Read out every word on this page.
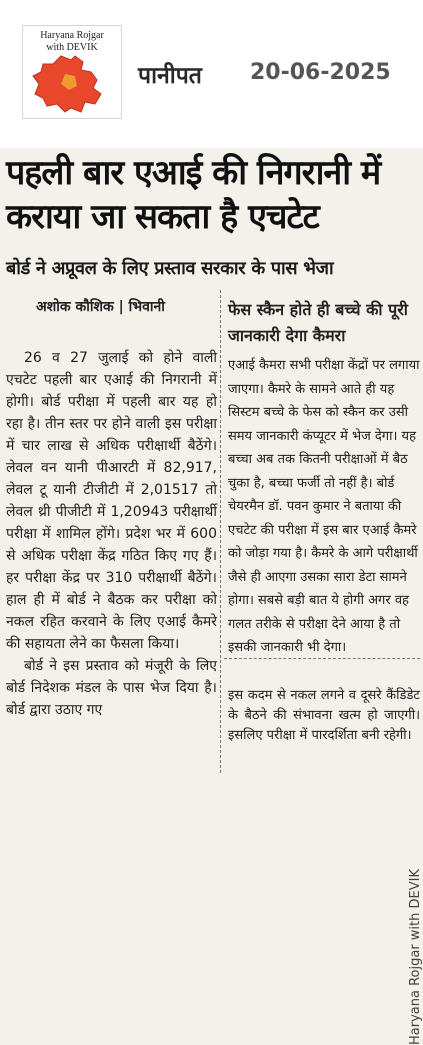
Haryana Rojgar
with DEVIK
पानीपत 20-06-2025
पहली बार एआई की निगरानी में कराया जा सकता है एचटेट
बोर्ड ने अप्रूवल के लिए प्रस्ताव सरकार के पास भेजा
अशोक कौशिक | भिवानी

26 व 27 जुलाई को होने वाली एचटेट पहली बार एआई की निगरानी में होगी। बोर्ड परीक्षा में पहली बार यह हो रहा है। तीन स्तर पर होने वाली इस परीक्षा में चार लाख से अधिक परीक्षार्थी बैठेंगे। लेवल वन यानी पीआरटी में 82,917, लेवल टू यानी टीजीटी में 2,01517 तो लेवल थ्री पीजीटी में 1,20943 परीक्षार्थी परीक्षा में शामिल होंगे। प्रदेश भर में 600 से अधिक परीक्षा केंद्र गठित किए गए हैं। हर परीक्षा केंद्र पर 310 परीक्षार्थी बैठेंगे। हाल ही में बोर्ड ने बैठक कर परीक्षा को नकल रहित करवाने के लिए एआई कैमरे की सहायता लेने का फैसला किया।

बोर्ड ने इस प्रस्ताव को मंजूरी के लिए बोर्ड निदेशक मंडल के पास भेज दिया है। बोर्ड द्वारा उठाए गए

फेस स्कैन होते ही बच्चे की पूरी जानकारी देगा कैमरा

एआई कैमरा सभी परीक्षा केंद्रों पर लगाया जाएगा। कैमरे के सामने आते ही यह सिस्टम बच्चे के फेस को स्कैन कर उसी समय जानकारी कंप्यूटर में भेज देगा। यह बच्चा अब तक कितनी परीक्षाओं में बैठ चुका है, बच्चा फर्जी तो नहीं है। बोर्ड चेयरमैन डॉ. पवन कुमार ने बताया की एचटेट की परीक्षा में इस बार एआई कैमरे को जोड़ा गया है। कैमरे के आगे परीक्षार्थी जैसे ही आएगा उसका सारा डेटा सामने होगा। सबसे बड़ी बात ये होगी अगर वह गलत तरीके से परीक्षा देने आया है तो इसकी जानकारी भी देगा।

इस कदम से नकल लगने व दूसरे कैंडिडेट के बैठने की संभावना खत्म हो जाएगी। इसलिए परीक्षा में पारदर्शिता बनी रहेगी।

Haryana Rojgar with DEVIK
